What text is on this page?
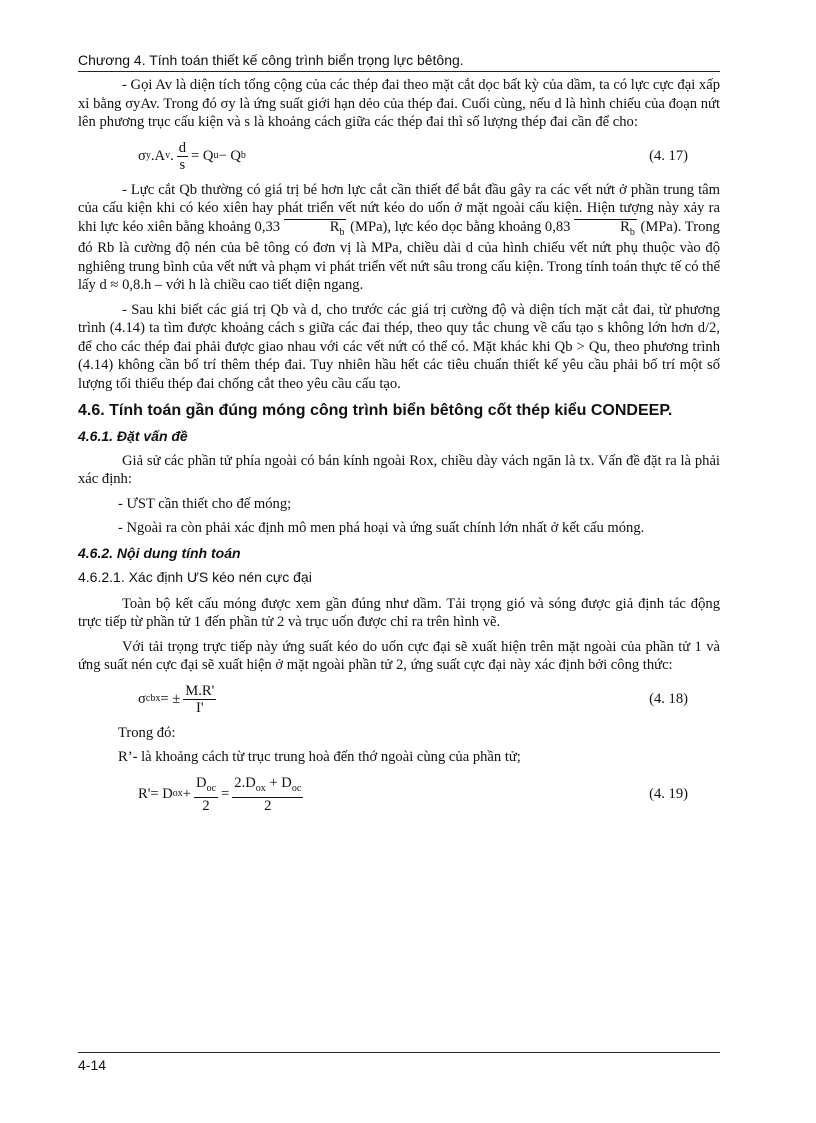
Chương 4. Tính toán thiết kế công trình biển trọng lực bêtông.

- Gọi Av là diện tích tổng cộng của các thép đai theo mặt cắt dọc bất kỳ của dầm, ta có lực cực đại xấp xỉ bằng σyAv. Trong đó σy là ứng suất giới hạn dẻo của thép đai. Cuối cùng, nếu d là hình chiếu của đoạn nứt lên phương trục cấu kiện và s là khoảng cách giữa các thép đai thì số lượng thép đai cần để cho:

σ y .A v . $\frac{d}{s} = Q$ u − Q b	(4. 17)

- Lực cắt Qb thường có giá trị bé hơn lực cắt cần thiết để bắt đầu gây ra các vết nứt ở phần trung tâm của cấu kiện khi có kéo xiên hay phát triển vết nứt kéo do uốn ở mặt ngoài cấu kiện. Hiện tượng này xảy ra khi lực kéo xiên bằng khoảng 0,33	$R_b$ (MPa), lực kéo dọc bằng khoảng 0,83	$R_b$ (MPa). Trong đó Rb là cường độ nén của bê tông có đơn vị là MPa, chiều dài d của hình chiếu vết nứt phụ thuộc vào độ nghiêng trung bình của vết nứt và phạm vi phát triển vết nứt sâu trong cấu kiện. Trong tính toán thực tế có thể lấy d ≈ 0,8.h – với h là chiều cao tiết diện ngang.

- Sau khi biết các giá trị Qb và d, cho trước các giá trị cường độ và diện tích mặt cắt đai, từ phương trình (4.14) ta tìm được khoảng cách s giữa các đai thép, theo quy tắc chung về cấu tạo s không lớn hơn d/2, để cho các thép đai phải được giao nhau với các vết nứt có thể có. Mặt khác khi Qb > Qu, theo phương trình (4.14) không cần bố trí thêm thép đai. Tuy nhiên hầu hết các tiêu chuẩn thiết kế yêu cầu phải bố trí một số lượng tối thiểu thép đai chống cắt theo yêu cầu cấu tạo.

4.6. Tính toán gần đúng móng công trình biển bêtông cốt thép kiểu CONDEEP.
4.6.1. Đặt vấn đề

Giả sử các phần tử phía ngoài có bán kính ngoài Rox, chiều dày vách ngăn là tx. Vấn đề đặt ra là phải xác định:

- ƯST cần thiết cho đế móng;

- Ngoài ra còn phải xác định mô men phá hoại và ứng suất chính lớn nhất ở kết cấu móng.

4.6.2. Nội dung tính toán
4.6.2.1. Xác định ƯS kéo nén cực đại

Toàn bộ kết cấu móng được xem gần đúng như dầm. Tải trọng gió và sóng được giả định tác động trực tiếp từ phần tử 1 đến phần tử 2 và trục uốn được chỉ ra trên hình vẽ.

Với tải trọng trực tiếp này ứng suất kéo do uốn cực đại sẽ xuất hiện trên mặt ngoài của phần tử 1 và ứng suất nén cực đại sẽ xuất hiện ở mặt ngoài phần tử 2, ứng suất cực đại này xác định bởi công thức:

σ cbx = ± $\frac{M.R'}{I'}$	(4. 18)

Trong đó:

R’- là khoảng cách từ trục trung hoà đến thớ ngoài cùng của phần tử;

R'= D ox + $\frac{D_{oc}}{2} = \frac{2.D_{ox} + D_{oc}}{2}$	(4. 19)
4-14
